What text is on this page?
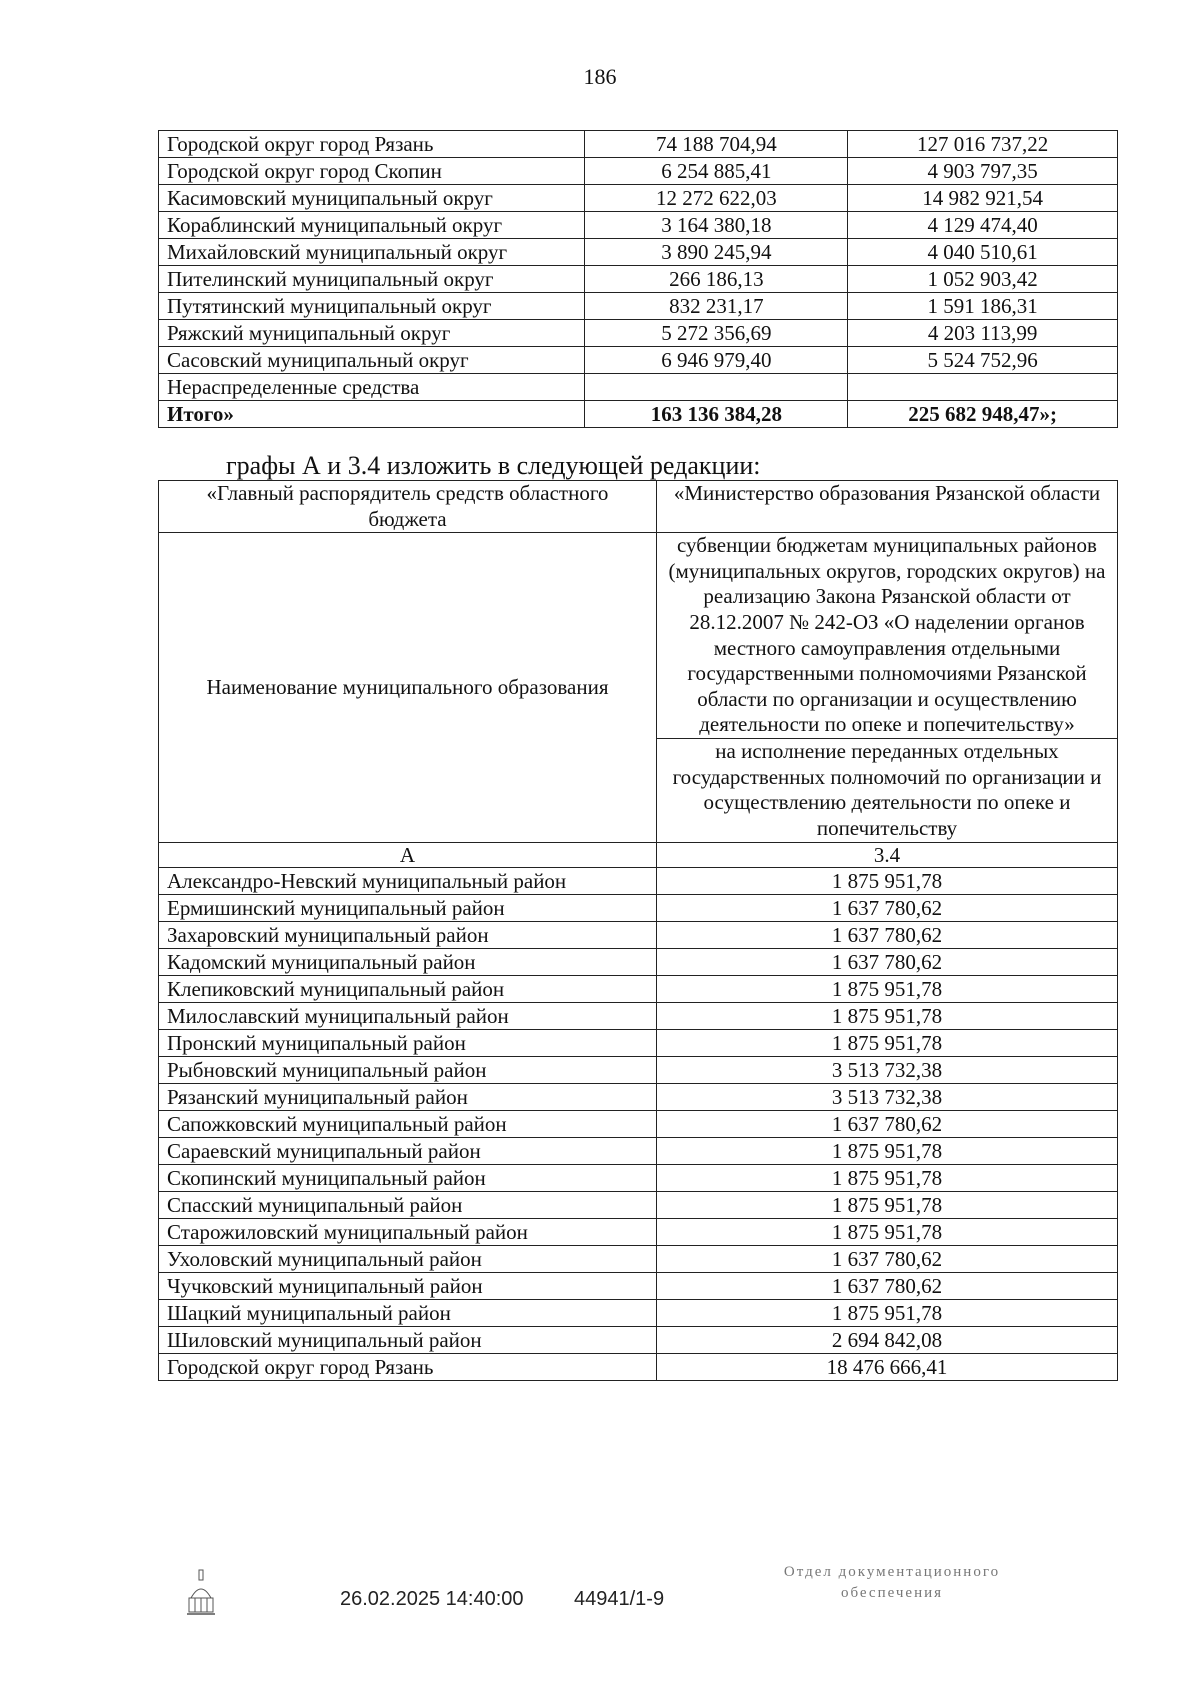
186
Городской округ город Рязань	74 188 704,94	127 016 737,22
Городской округ город Скопин	6 254 885,41	4 903 797,35
Касимовский муниципальный округ	12 272 622,03	14 982 921,54
Кораблинский муниципальный округ	3 164 380,18	4 129 474,40
Михайловский муниципальный округ	3 890 245,94	4 040 510,61
Пителинский муниципальный округ	266 186,13	1 052 903,42
Путятинский муниципальный округ	832 231,17	1 591 186,31
Ряжский муниципальный округ	5 272 356,69	4 203 113,99
Сасовский муниципальный округ	6 946 979,40	5 524 752,96
Нераспределенные средства		
Итого»	163 136 384,28	225 682 948,47»;
графы А и 3.4 изложить в следующей редакции:
«Главный распорядитель средств областного бюджета	«Министерство образования Рязанской области
Наименование муниципального образования	субвенции бюджетам муниципальных районов (муниципальных округов, городских округов) на реализацию Закона Рязанской области от 28.12.2007 № 242-ОЗ «О наделении органов местного самоуправления отдельными государственными полномочиями Рязанской области по организации и осуществлению деятельности по опеке и попечительству»
	на исполнение переданных отдельных государственных полномочий по организации и осуществлению деятельности по опеке и попечительству
А	3.4
Александро-Невский муниципальный район	1 875 951,78
Ермишинский муниципальный район	1 637 780,62
Захаровский муниципальный район	1 637 780,62
Кадомский муниципальный район	1 637 780,62
Клепиковский муниципальный район	1 875 951,78
Милославский муниципальный район	1 875 951,78
Пронский муниципальный район	1 875 951,78
Рыбновский муниципальный район	3 513 732,38
Рязанский муниципальный район	3 513 732,38
Сапожковский муниципальный район	1 637 780,62
Сараевский муниципальный район	1 875 951,78
Скопинский муниципальный район	1 875 951,78
Спасский муниципальный район	1 875 951,78
Старожиловский муниципальный район	1 875 951,78
Ухоловский муниципальный район	1 637 780,62
Чучковский муниципальный район	1 637 780,62
Шацкий муниципальный район	1 875 951,78
Шиловский муниципальный район	2 694 842,08
Городской округ город Рязань	18 476 666,41
26.02.2025 14:40:00	44941/1-9
Отдел документационного
обеспечения
